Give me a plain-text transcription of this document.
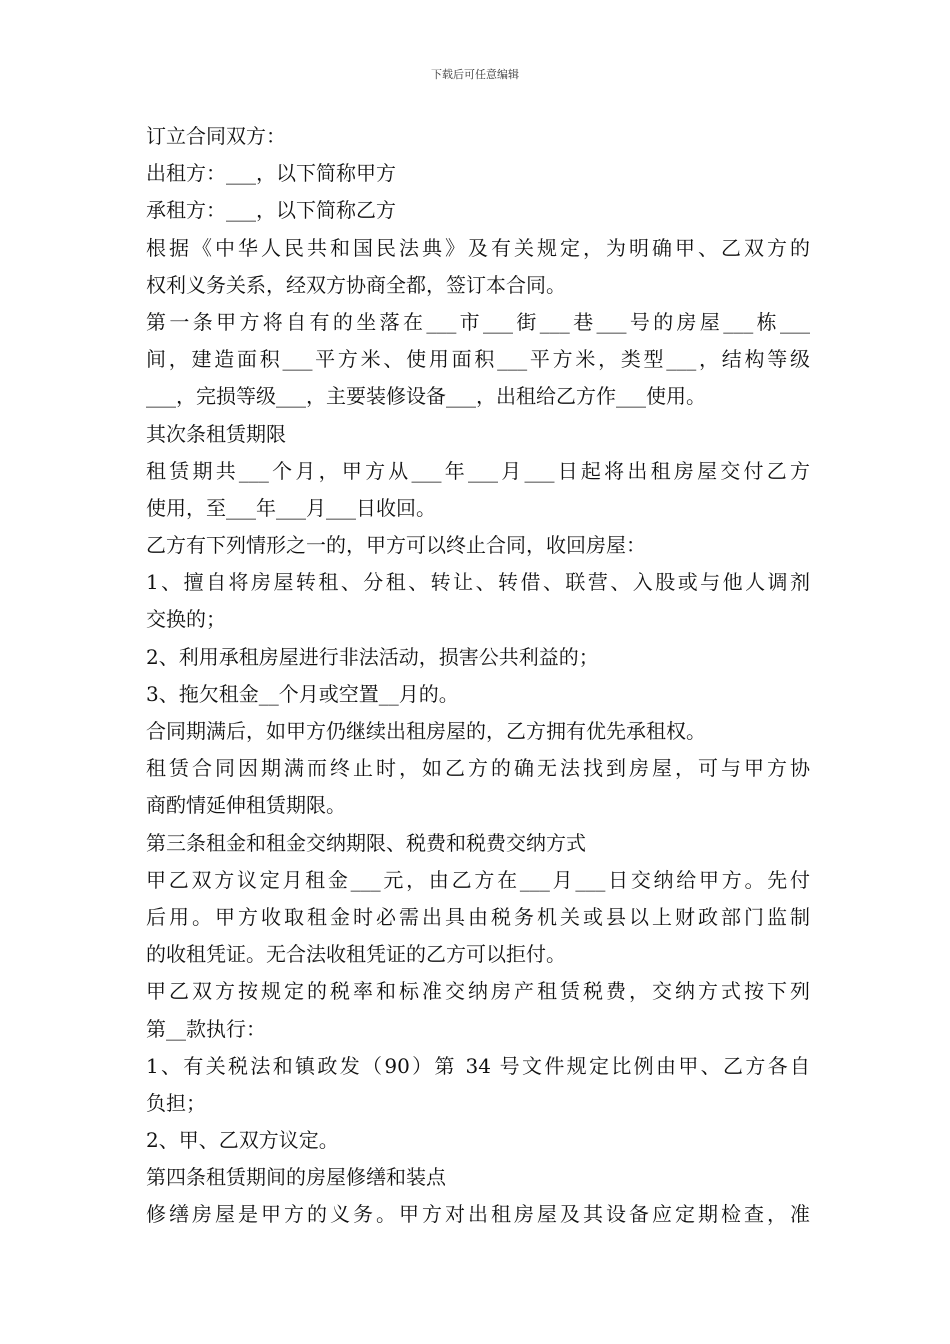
下载后可任意编辑
订立合同双方：
出租方：___，以下简称甲方
承租方：___，以下简称乙方
根据《中华人民共和国民法典》及有关规定，为明确甲、乙双方的
权利义务关系，经双方协商全都，签订本合同。
第一条甲方将自有的坐落在___市___街___巷___号的房屋___栋___
间，建造面积___平方米、使用面积___平方米，类型___，结构等级
___，完损等级___，主要装修设备___，出租给乙方作___使用。
其次条租赁期限
租赁期共___个月，甲方从___年___月___日起将出租房屋交付乙方
使用，至___年___月___日收回。
乙方有下列情形之一的，甲方可以终止合同，收回房屋：
1、擅自将房屋转租、分租、转让、转借、联营、入股或与他人调剂
交换的；
2、利用承租房屋进行非法活动，损害公共利益的；
3、拖欠租金__个月或空置__月的。
合同期满后，如甲方仍继续出租房屋的，乙方拥有优先承租权。
租赁合同因期满而终止时，如乙方的确无法找到房屋，可与甲方协
商酌情延伸租赁期限。
第三条租金和租金交纳期限、税费和税费交纳方式
甲乙双方议定月租金___元，由乙方在___月___日交纳给甲方。先付
后用。甲方收取租金时必需出具由税务机关或县以上财政部门监制
的收租凭证。无合法收租凭证的乙方可以拒付。
甲乙双方按规定的税率和标准交纳房产租赁税费，交纳方式按下列
第__款执行：
1、有关税法和镇政发（90）第 34 号文件规定比例由甲、乙方各自
负担；
2、甲、乙双方议定。
第四条租赁期间的房屋修缮和装点
修缮房屋是甲方的义务。甲方对出租房屋及其设备应定期检查，准
